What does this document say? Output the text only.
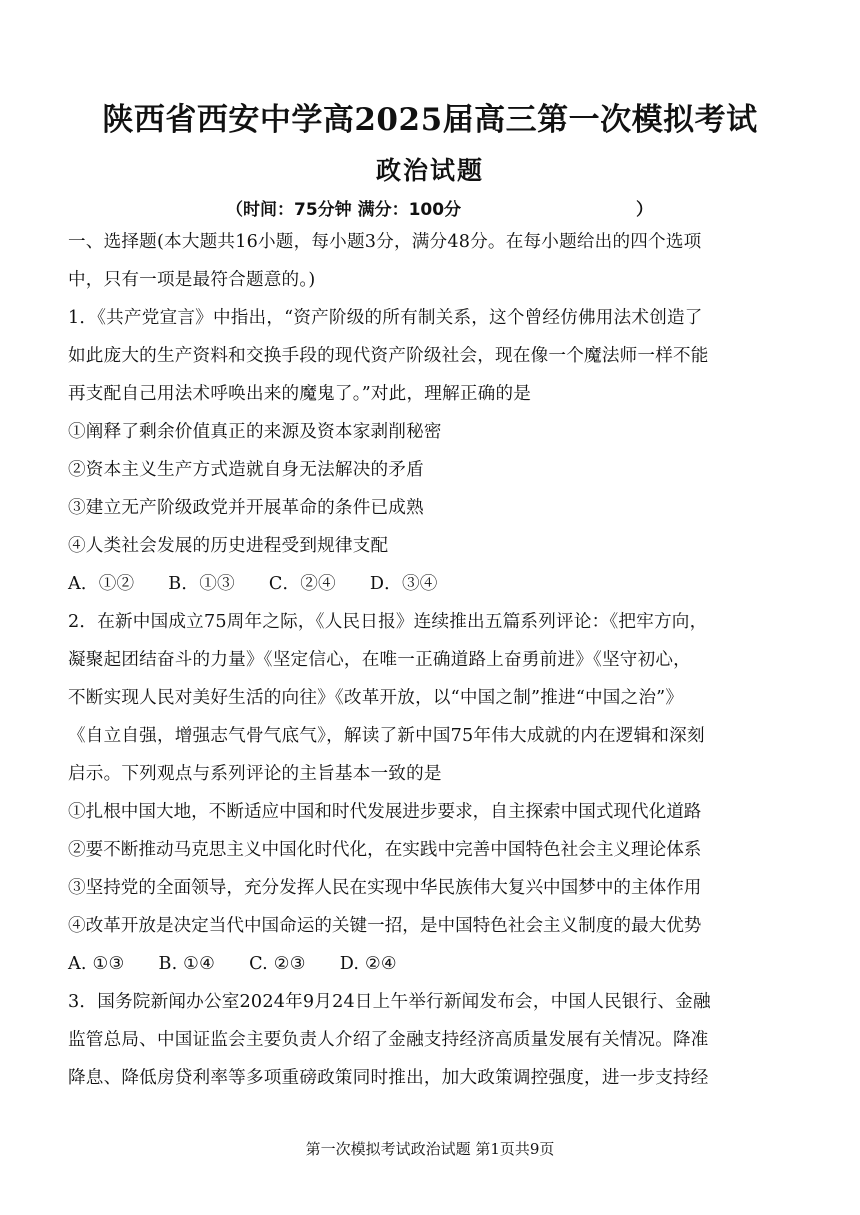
陕西省西安中学高2025届高三第一次模拟考试
政治试题
（时间：75分钟 满分：100分	）
一、选择题(本大题共16小题，每小题3分，满分48分。在每小题给出的四个选项
中，只有一项是最符合题意的。)
1．《共产党宣言》中指出，“资产阶级的所有制关系，这个曾经仿佛用法术创造了
如此庞大的生产资料和交换手段的现代资产阶级社会，现在像一个魔法师一样不能
再支配自己用法术呼唤出来的魔鬼了。”对此，理解正确的是
①阐释了剩余价值真正的来源及资本家剥削秘密
②资本主义生产方式造就自身无法解决的矛盾
③建立无产阶级政党并开展革命的条件已成熟
④人类社会发展的历史进程受到规律支配
A．①② B．①③ C．②④ D．③④
2．在新中国成立75周年之际，《人民日报》连续推出五篇系列评论：《把牢方向，
凝聚起团结奋斗的力量》《坚定信心，在唯一正确道路上奋勇前进》《坚守初心，
不断实现人民对美好生活的向往》《改革开放，以“中国之制”推进“中国之治”》
《自立自强，增强志气骨气底气》，解读了新中国75年伟大成就的内在逻辑和深刻
启示。下列观点与系列评论的主旨基本一致的是
①扎根中国大地，不断适应中国和时代发展进步要求，自主探索中国式现代化道路
②要不断推动马克思主义中国化时代化，在实践中完善中国特色社会主义理论体系
③坚持党的全面领导，充分发挥人民在实现中华民族伟大复兴中国梦中的主体作用
④改革开放是决定当代中国命运的关键一招，是中国特色社会主义制度的最大优势
A. ①③ B. ①④ C. ②③ D. ②④
3．国务院新闻办公室2024年9月24日上午举行新闻发布会，中国人民银行、金融
监管总局、中国证监会主要负责人介绍了金融支持经济高质量发展有关情况。降准
降息、降低房贷利率等多项重磅政策同时推出，加大政策调控强度，进一步支持经
第一次模拟考试政治试题 第1页共9页
